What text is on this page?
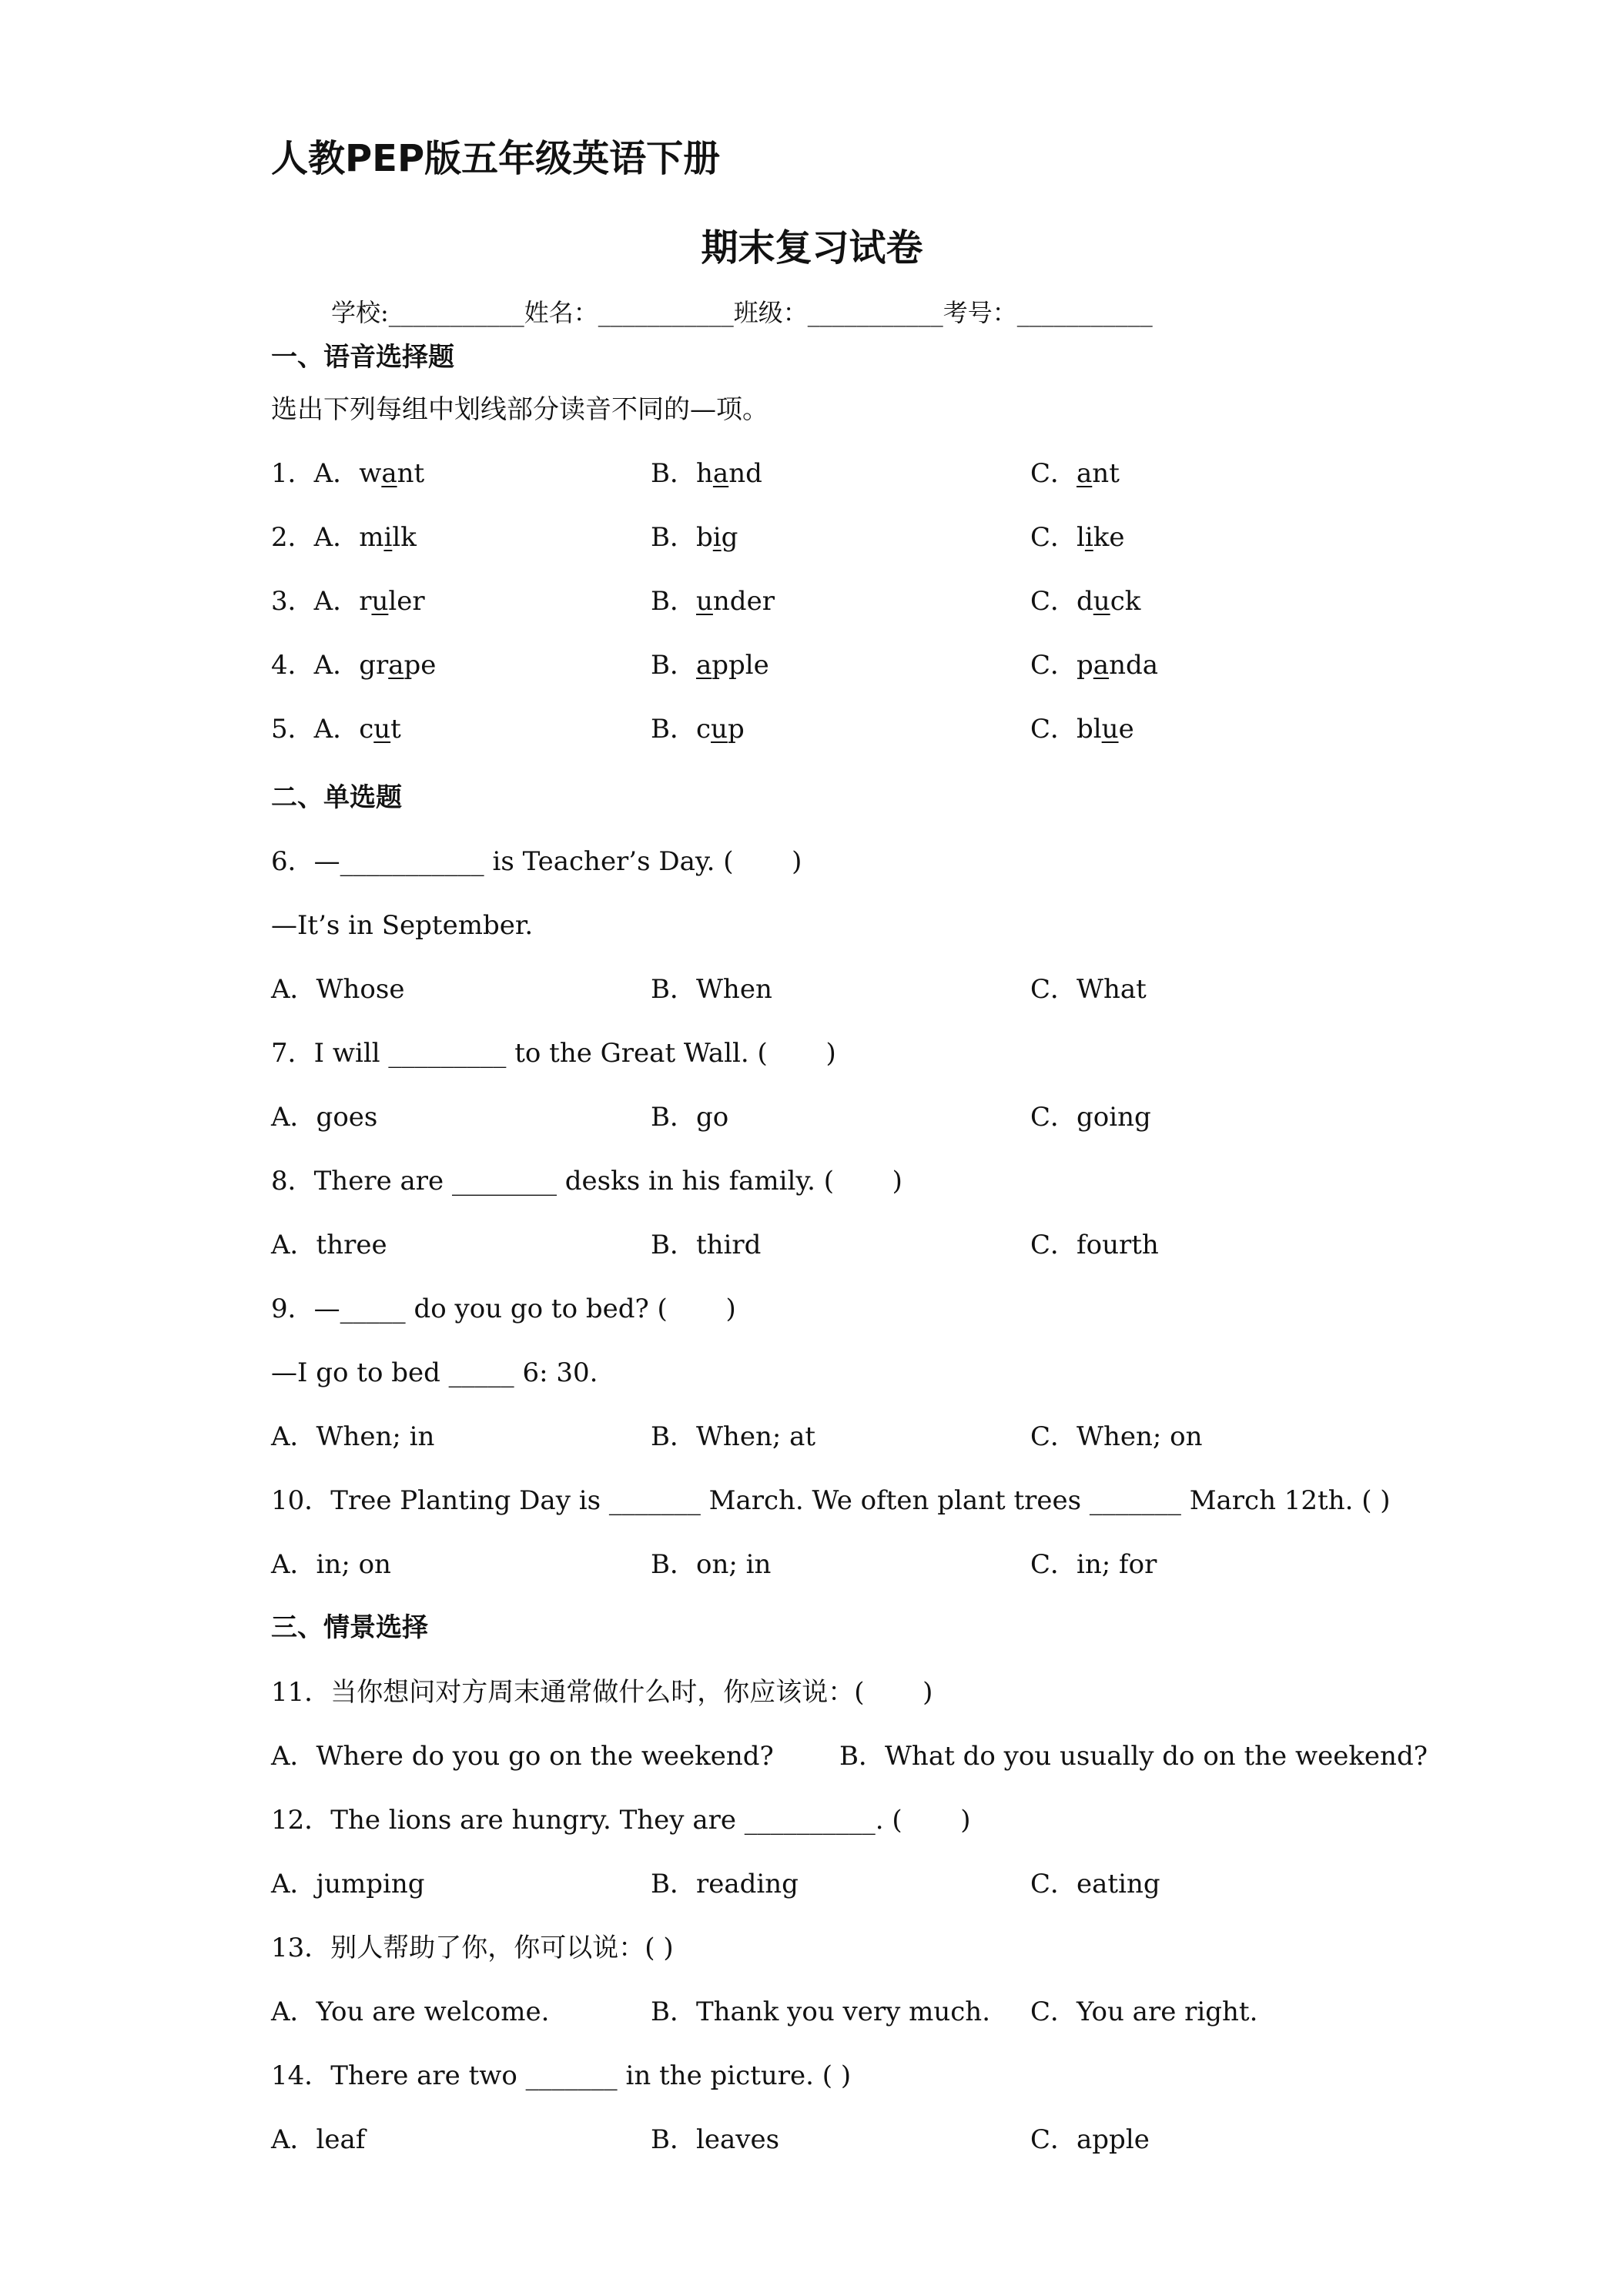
人教PEP版五年级英语下册
期末复习试卷
学校:___________姓名：___________班级：___________考号：___________
一、语音选择题
选出下列每组中划线部分读音不同的—项。
1．A．want	B．hand	C．ant
2．A．milk	B．big	C．like
3．A．ruler	B．under	C．duck
4．A．grape	B．apple	C．panda
5．A．cut	B．cup	C．blue
二、单选题
6．—___________ is Teacher’s Day. (       )
—It’s in September.
A．Whose	B．When	C．What
7．I will _________ to the Great Wall. (       )
A．goes	B．go	C．going
8．There are ________ desks in his family. (       )
A．three	B．third	C．fourth
9．—_____ do you go to bed? (       )
—I go to bed _____ 6: 30.
A．When; in	B．When; at	C．When; on
10．Tree Planting Day is _______ March. We often plant trees _______ March 12th. ( )
A．in; on	B．on; in	C．in; for
三、情景选择
11．当你想问对方周末通常做什么时，你应该说：(       )
A．Where do you go on the weekend?	B．What do you usually do on the weekend?
12．The lions are hungry. They are __________. (       )
A．jumping	B．reading	C．eating
13．别人帮助了你，你可以说：( )
A．You are welcome.	B．Thank you very much. C．You are right.
14．There are two _______ in the picture. ( )
A．leaf	B．leaves	C．apple
